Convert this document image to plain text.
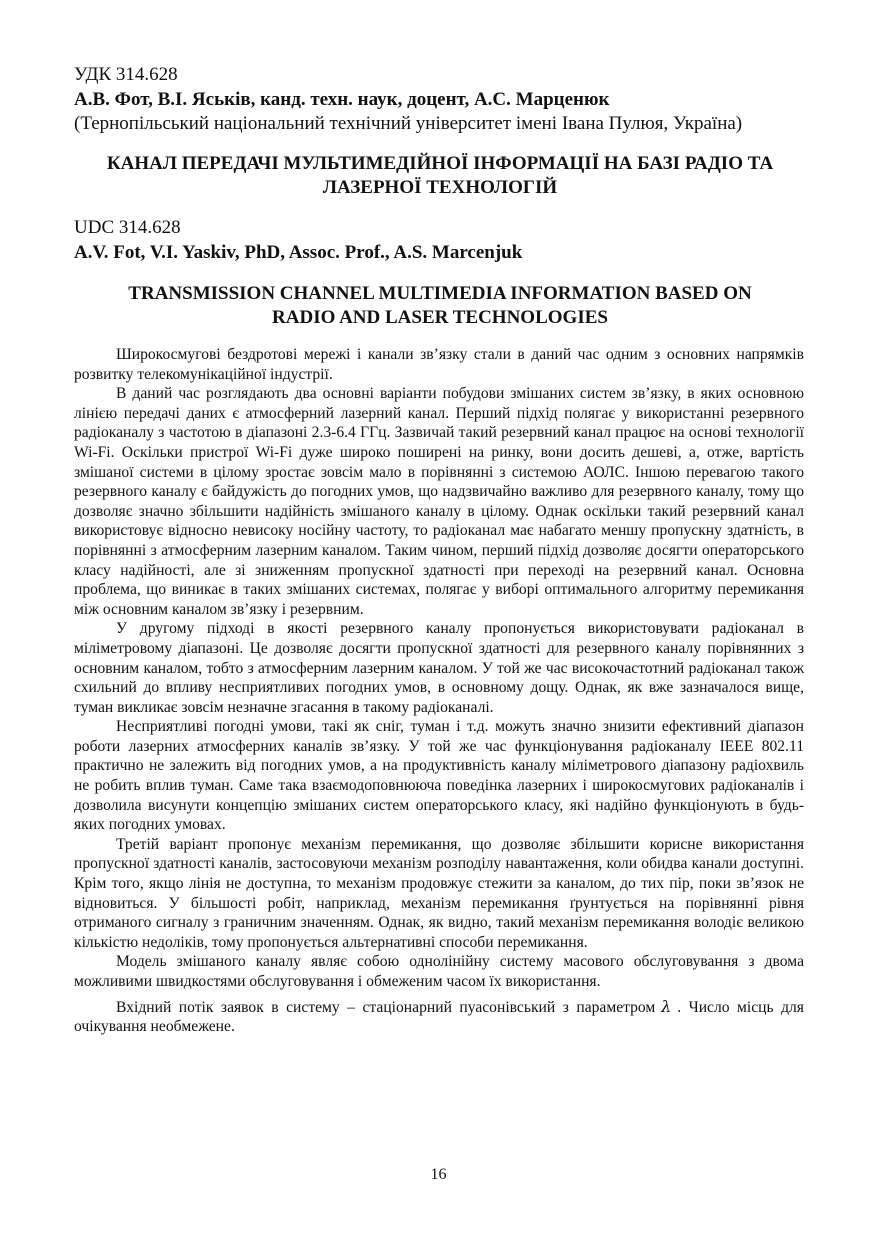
УДК 314.628
А.В. Фот, В.І. Яськів, канд. техн. наук, доцент, А.С. Марценюк
(Тернопільський національний технічний університет імені Івана Пулюя, Україна)
КАНАЛ ПЕРЕДАЧІ МУЛЬТИМЕДІЙНОЇ ІНФОРМАЦІЇ НА БАЗІ РАДІО ТА
ЛАЗЕРНОЇ ТЕХНОЛОГІЙ
UDC 314.628
A.V. Fot, V.I. Yaskiv, PhD, Assoc. Prof., A.S. Marcenjuk
TRANSMISSION CHANNEL MULTIMEDIA INFORMATION BASED ON
RADIO AND LASER TECHNOLOGIES

Широкосмугові бездротові мережі і канали зв’язку стали в даний час одним з основних напрямків розвитку телекомунікаційної індустрії.

В даний час розглядають два основні варіанти побудови змішаних систем зв’язку, в яких основною лінією передачі даних є атмосферний лазерний канал. Перший підхід полягає у використанні резервного радіоканалу з частотою в діапазоні 2.3-6.4 ГГц. Зазвичай такий резервний канал працює на основі технології Wi-Fi. Оскільки пристрої Wi-Fi дуже широко поширені на ринку, вони досить дешеві, а, отже, вартість змішаної системи в цілому зростає зовсім мало в порівнянні з системою АОЛС. Іншою перевагою такого резервного каналу є байдужість до погодних умов, що надзвичайно важливо для резервного каналу, тому що дозволяє значно збільшити надійність змішаного каналу в цілому. Однак оскільки такий резервний канал використовує відносно невисоку носійну частоту, то радіоканал має набагато меншу пропускну здатність, в порівнянні з атмосферним лазерним каналом. Таким чином, перший підхід дозволяє досягти операторського класу надійності, але зі зниженням пропускної здатності при переході на резервний канал. Основна проблема, що виникає в таких змішаних системах, полягає у виборі оптимального алгоритму перемикання між основним каналом зв’язку і резервним.

У другому підході в якості резервного каналу пропонується використовувати радіоканал в міліметровому діапазоні. Це дозволяє досягти пропускної здатності для резервного каналу порівнянних з основним каналом, тобто з атмосферним лазерним каналом. У той же час високочастотний радіоканал також схильний до впливу несприятливих погодних умов, в основному дощу. Однак, як вже зазначалося вище, туман викликає зовсім незначне згасання в такому радіоканалі.

Несприятливі погодні умови, такі як сніг, туман і т.д. можуть значно знизити ефективний діапазон роботи лазерних атмосферних каналів зв’язку. У той же час функціонування радіоканалу IEEE 802.11 практично не залежить від погодних умов, а на продуктивність каналу міліметрового діапазону радіохвиль не робить вплив туман. Саме така взаємодоповнююча поведінка лазерних і широкосмугових радіоканалів і дозволила висунути концепцію змішаних систем операторського класу, які надійно функціонують в будь-яких погодних умовах.

Третій варіант пропонує механізм перемикання, що дозволяє збільшити корисне використання пропускної здатності каналів, застосовуючи механізм розподілу навантаження, коли обидва канали доступні. Крім того, якщо лінія не доступна, то механізм продовжує стежити за каналом, до тих пір, поки зв’язок не відновиться. У більшості робіт, наприклад, механізм перемикання ґрунтується на порівнянні рівня отриманого сигналу з граничним значенням. Однак, як видно, такий механізм перемикання володіє великою кількістю недоліків, тому пропонується альтернативні способи перемикання.

Модель змішаного каналу являє собою однолінійну систему масового обслуговування з двома можливими швидкостями обслуговування і обмеженим часом їх використання.

Вхідний потік заявок в систему – стаціонарний пуасонівський з параметром λ . Число місць для очікування необмежене.

16
